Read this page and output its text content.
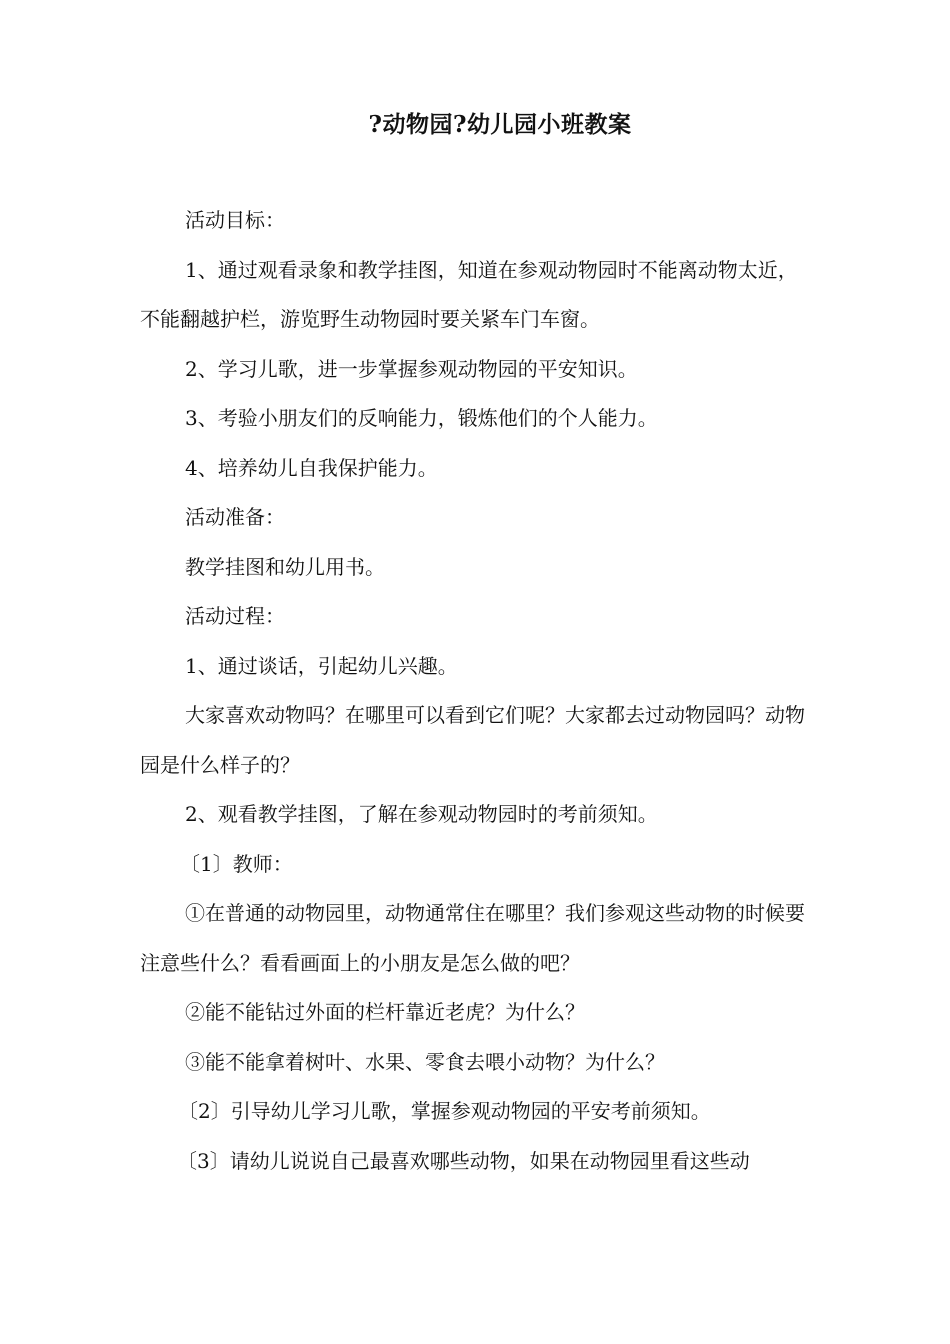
?动物园?幼儿园小班教案

活动目标：

1、通过观看录象和教学挂图，知道在参观动物园时不能离动物太近，不能翻越护栏，游览野生动物园时要关紧车门车窗。

2、学习儿歌，进一步掌握参观动物园的平安知识。

3、考验小朋友们的反响能力，锻炼他们的个人能力。

4、培养幼儿自我保护能力。

活动准备：

教学挂图和幼儿用书。

活动过程：

1、通过谈话，引起幼儿兴趣。

大家喜欢动物吗？在哪里可以看到它们呢？大家都去过动物园吗？动物园是什么样子的？

2、观看教学挂图，了解在参观动物园时的考前须知。

〔1〕教师：

①在普通的动物园里，动物通常住在哪里？我们参观这些动物的时候要注意些什么？看看画面上的小朋友是怎么做的吧？

②能不能钻过外面的栏杆靠近老虎？为什么？

③能不能拿着树叶、水果、零食去喂小动物？为什么？

〔2〕引导幼儿学习儿歌，掌握参观动物园的平安考前须知。

〔3〕请幼儿说说自己最喜欢哪些动物，如果在动物园里看这些动
